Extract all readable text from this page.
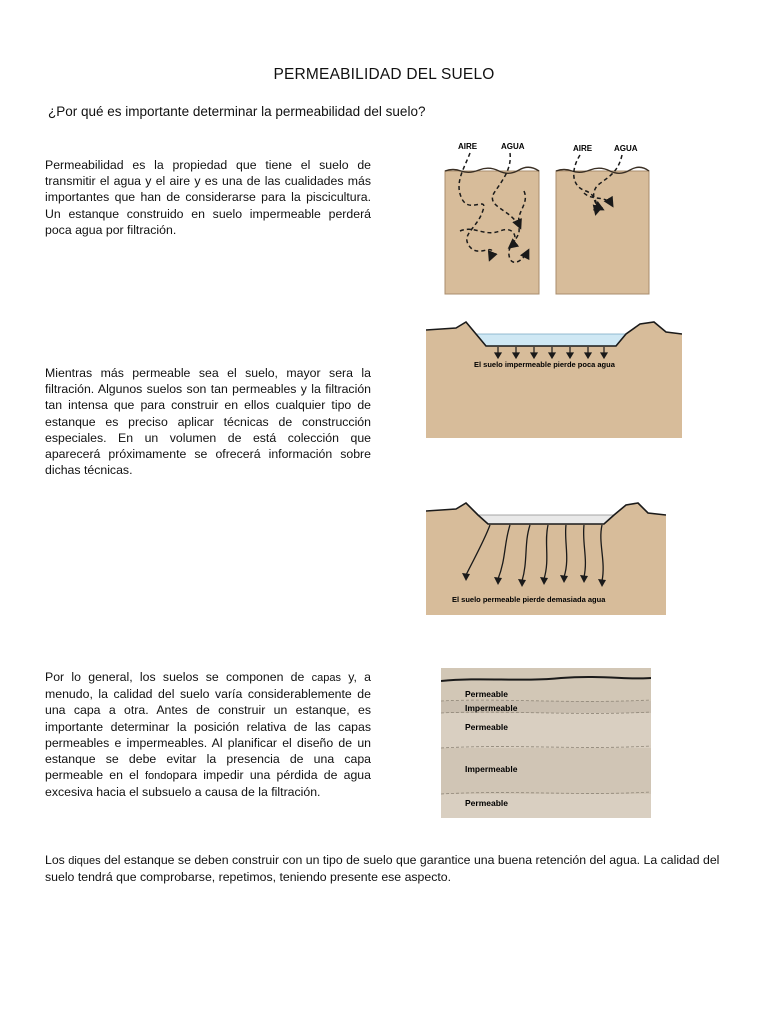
PERMEABILIDAD DEL SUELO
¿Por qué es importante determinar la permeabilidad del suelo?
Permeabilidad es la propiedad que tiene el suelo de transmitir el agua y el aire y es una de las cualidades más importantes que han de considerarse para la piscicultura. Un estanque construido en suelo impermeable perderá poca agua por filtración.
Mientras más permeable sea el suelo, mayor sera la filtración. Algunos suelos son tan permeables y la filtración tan intensa que para construir en ellos cualquier tipo de estanque es preciso aplicar técnicas de construcción especiales. En un volumen de está colección que aparecerá próximamente se ofrecerá información sobre dichas técnicas.
Por lo general, los suelos se componen de capas y, a menudo, la calidad del suelo varía considerablemente de una capa a otra. Antes de construir un estanque, es importante determinar la posición relativa de las capas permeables e impermeables. Al planificar el diseño de un estanque se debe evitar la presencia de una capa permeable en el fondopara impedir una pérdida de agua excesiva hacia el subsuelo a causa de la filtración.
Los diques del estanque se deben construir con un tipo de suelo que garantice una buena retención del agua. La calidad del suelo tendrá que comprobarse, repetimos, teniendo presente ese aspecto.
AIRE	AGUA	AIRE	AGUA
El suelo impermeable pierde poca agua
El suelo permeable pierde demasiada agua
Permeable
Impermeable
Permeable
Impermeable
Permeable
